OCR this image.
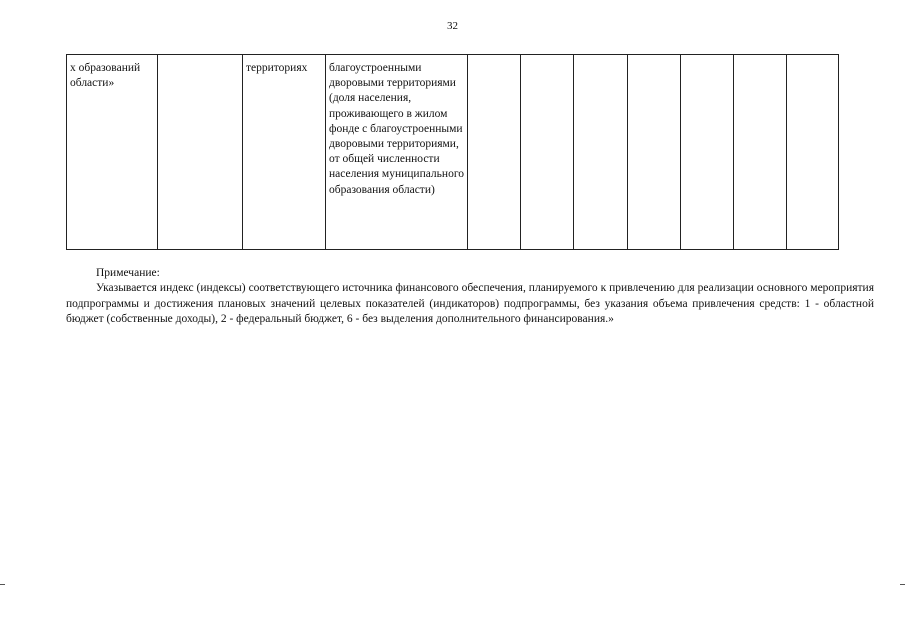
32
х образований области»		территориях	благоустроенными дворовыми территориями (доля населения, проживающего в жилом фонде с благоустроенными дворовыми территориями, от общей численности населения муниципального образования области)							
Примечание:

Указывается индекс (индексы) соответствующего источника финансового обеспечения, планируемого к привлечению для реализации основного мероприятия подпрограммы и достижения плановых значений целевых показателей (индикаторов) подпрограммы, без указания объема привлечения средств: 1 - областной бюджет (собственные доходы), 2 - федеральный бюджет, 6 - без выделения дополнительного финансирования.»
